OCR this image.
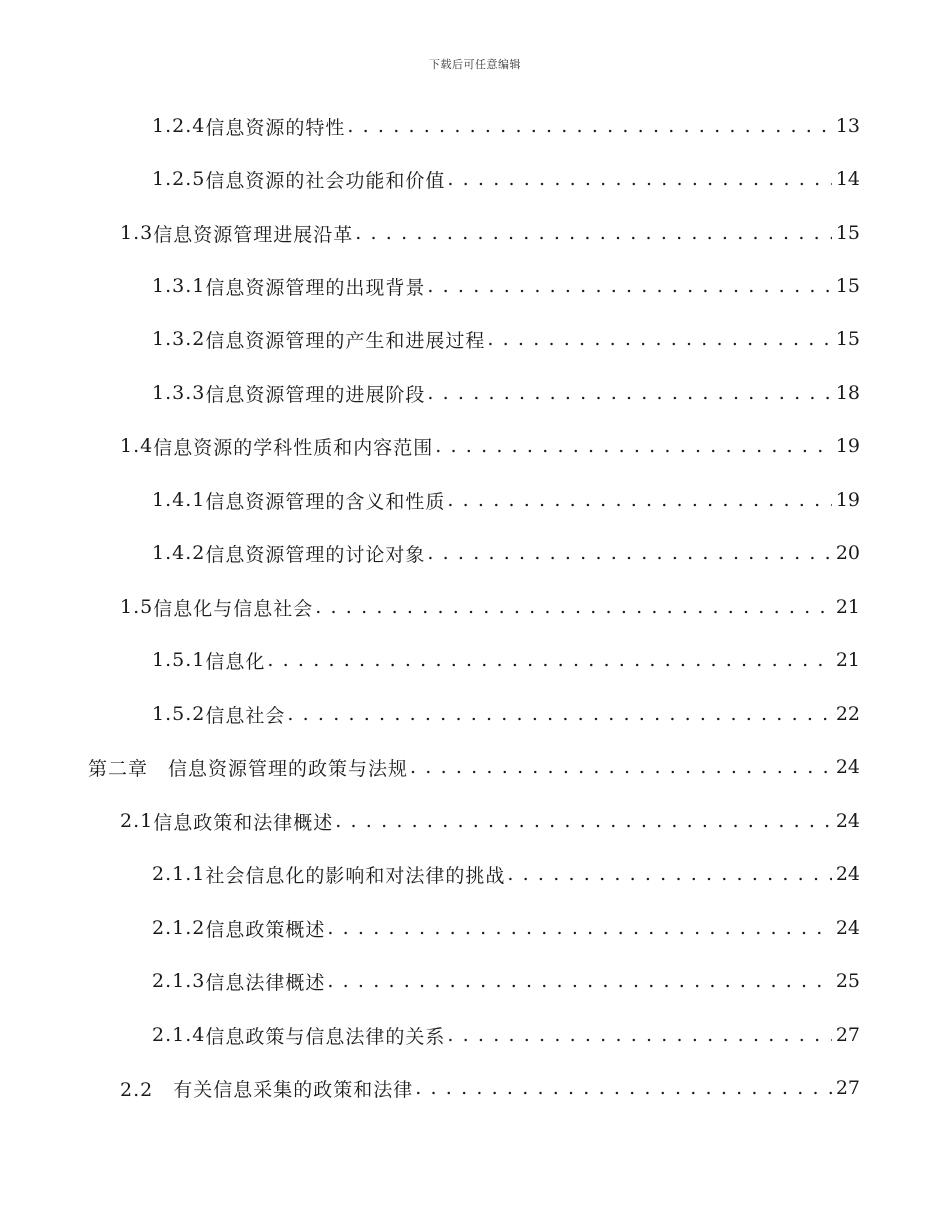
下载后可任意编辑
1.2.4 信息资源的特性 . . .	13
1.2.5 信息资源的社会功能和价值 . . .	14
1.3 信息资源管理进展沿革 . . .	15
1.3.1 信息资源管理的出现背景 . . .	15
1.3.2 信息资源管理的产生和进展过程 . . .	15
1.3.3 信息资源管理的进展阶段 . . .	18
1.4 信息资源的学科性质和内容范围 . . .	19
1.4.1 信息资源管理的含义和性质 . . .	19
1.4.2 信息资源管理的讨论对象 . . .	20
1.5 信息化与信息社会 . . .	21
1.5.1 信息化 . . .	21
1.5.2 信息社会 . . .	22
第二章　 信息资源管理的政策与法规 . . .	24
2.1 信息政策和法律概述 . . .	24
2.1.1 社会信息化的影响和对法律的挑战 . . .	24
2.1.2 信息政策概述 . . .	24
2.1.3 信息法律概述 . . .	25
2.1.4 信息政策与信息法律的关系 . . .	27
2.2　 有关信息采集的政策和法律 . . .	27
